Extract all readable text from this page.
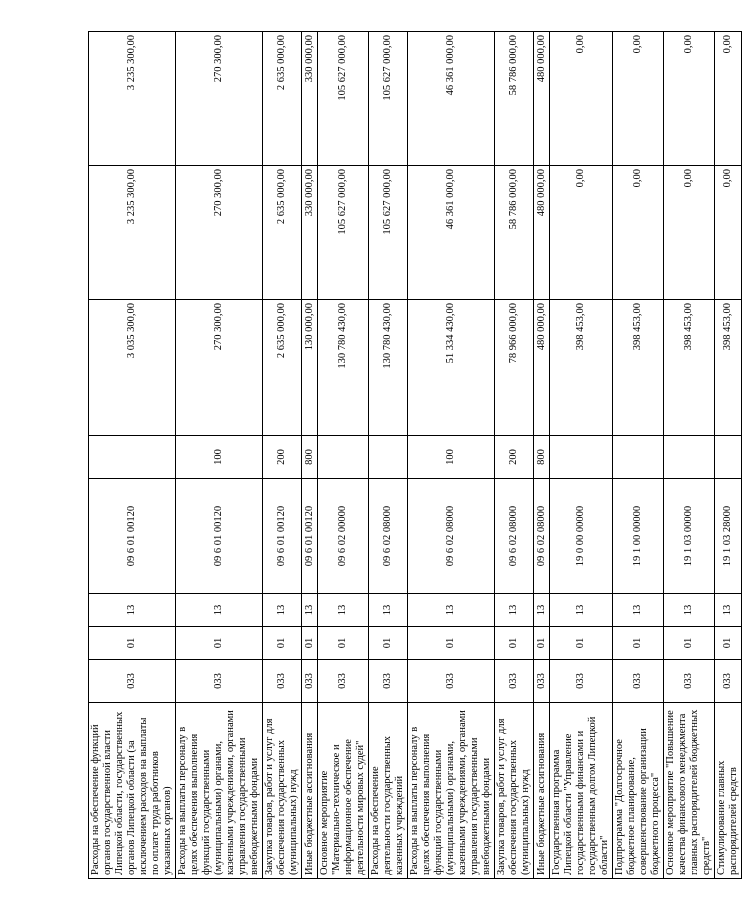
Расходы на обеспечение функций органов государственной власти Липецкой области, государственных органов Липецкой области (за исключением расходов на выплаты по оплате труда работников указанных органов)	033	01	13	09 6 01 00120		3 035 300,00	3 235 300,00	3 235 300,00
Расходы на выплаты персоналу в целях обеспечения выполнения функций государственными (муниципальными) органами, казенными учреждениями, органами управления государственными внебюджетными фондами	033	01	13	09 6 01 00120	100	270 300,00	270 300,00	270 300,00
Закупка товаров, работ и услуг для обеспечения государственных (муниципальных) нужд	033	01	13	09 6 01 00120	200	2 635 000,00	2 635 000,00	2 635 000,00
Иные бюджетные ассигнования	033	01	13	09 6 01 00120	800	130 000,00	330 000,00	330 000,00
Основное мероприятие "Материально-техническое и информационное обеспечение деятельности мировых судей"	033	01	13	09 6 02 00000		130 780 430,00	105 627 000,00	105 627 000,00
Расходы на обеспечение деятельности государственных казенных учреждений	033	01	13	09 6 02 08000		130 780 430,00	105 627 000,00	105 627 000,00
Расходы на выплаты персоналу в целях обеспечения выполнения функций государственными (муниципальными) органами, казенными учреждениями, органами управления государственными внебюджетными фондами	033	01	13	09 6 02 08000	100	51 334 430,00	46 361 000,00	46 361 000,00
Закупка товаров, работ и услуг для обеспечения государственных (муниципальных) нужд	033	01	13	09 6 02 08000	200	78 966 000,00	58 786 000,00	58 786 000,00
Иные бюджетные ассигнования	033	01	13	09 6 02 08000	800	480 000,00	480 000,00	480 000,00
Государственная программа Липецкой области "Управление государственными финансами и государственным долгом Липецкой области"	033	01	13	19 0 00 00000		398 453,00	0,00	0,00
Подпрограмма "Долгосрочное бюджетное планирование, совершенствование организации бюджетного процесса"	033	01	13	19 1 00 00000		398 453,00	0,00	0,00
Основное мероприятие "Повышение качества финансового менеджмента главных распорядителей бюджетных средств"	033	01	13	19 1 03 00000		398 453,00	0,00	0,00
Стимулирование главных распорядителей средств	033	01	13	19 1 03 28000		398 453,00	0,00	0,00
